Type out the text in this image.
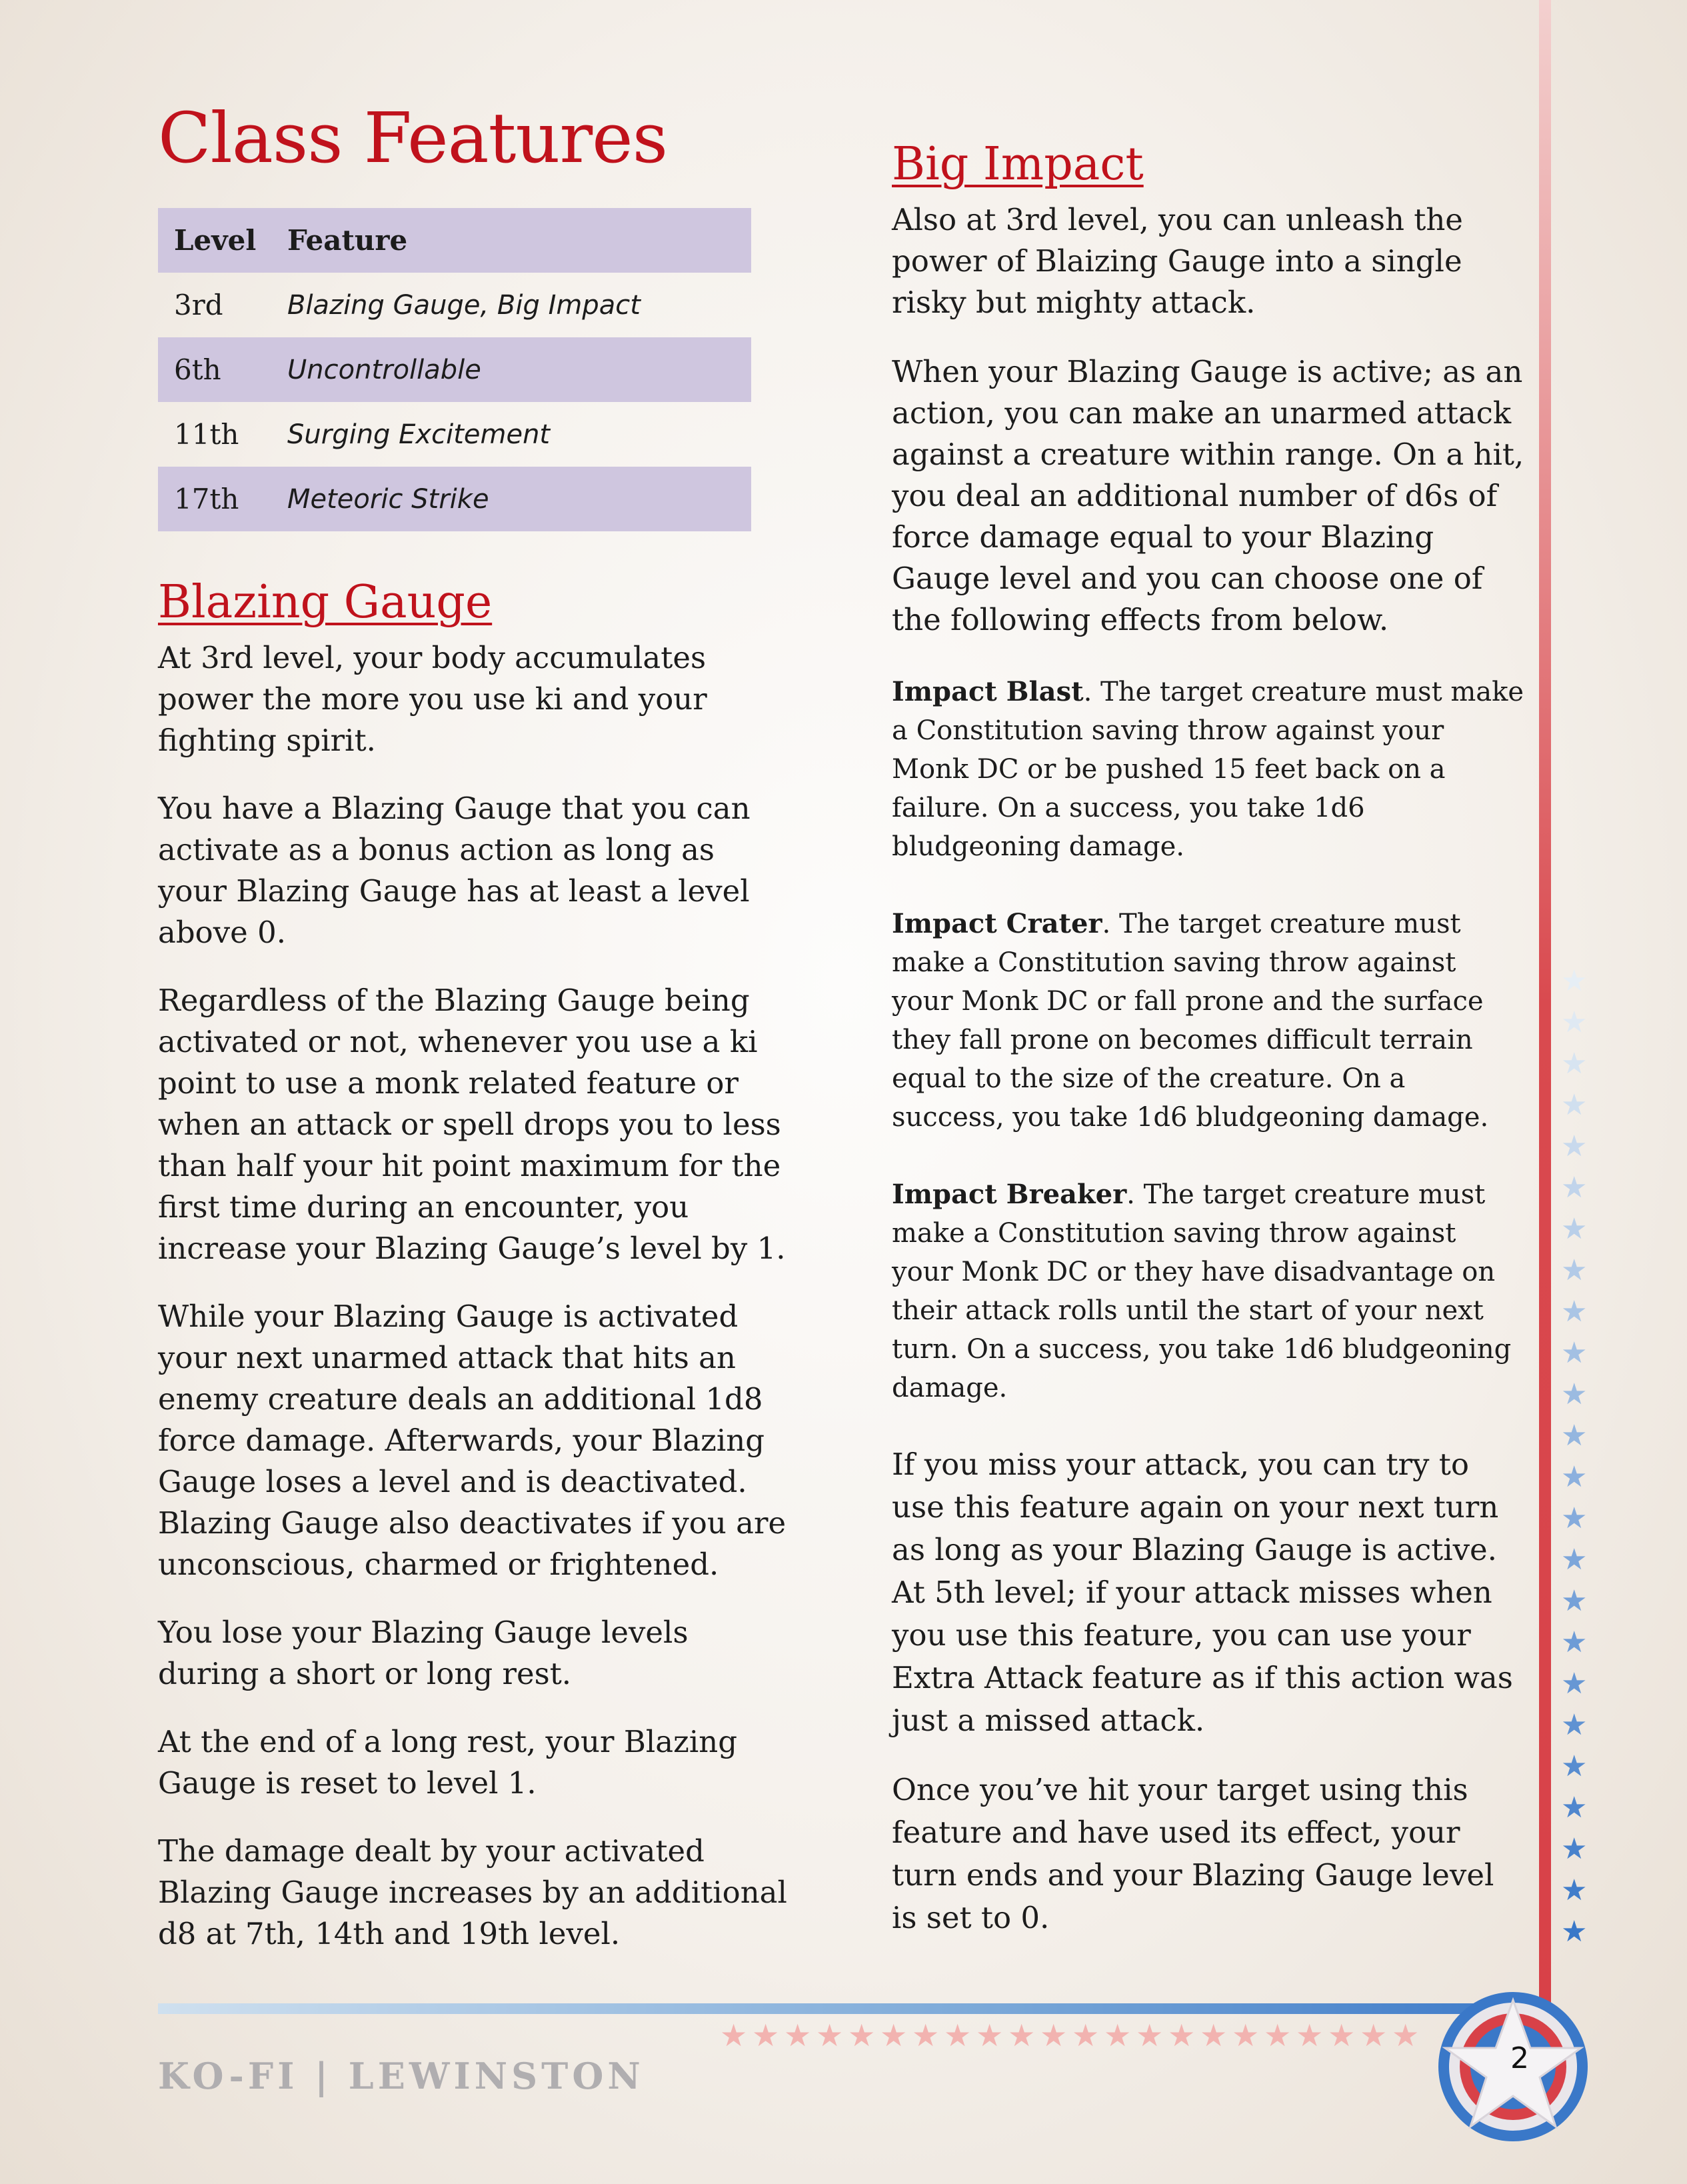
★
★
★
★
★
★
★
★
★
★
★
★
★
★
★
★
★
★
★
★
★
★
★
★
Class Features
Level	Feature
3rd	Blazing Gauge, Big Impact
6th	Uncontrollable
11th	Surging Excitement
17th	Meteoric Strike
Blazing Gauge

At 3rd level, your body accumulates power the more you use ki and your fighting spirit.

You have a Blazing Gauge that you can activate as a bonus action as long as your Blazing Gauge has at least a level above 0.

Regardless of the Blazing Gauge being activated or not, whenever you use a ki point to use a monk related feature or when an attack or spell drops you to less than half your hit point maximum for the first time during an encounter, you increase your Blazing Gauge’s level by 1.

While your Blazing Gauge is activated your next unarmed attack that hits an enemy creature deals an additional 1d8 force damage. Afterwards, your Blazing Gauge loses a level and is deactivated. Blazing Gauge also deactivates if you are unconscious, charmed or frightened.

You lose your Blazing Gauge levels during a short or long rest.

At the end of a long rest, your Blazing Gauge is reset to level 1.

The damage dealt by your activated Blazing Gauge increases by an additional d8 at 7th, 14th and 19th level.

Big Impact

Also at 3rd level, you can unleash the power of Blaizing Gauge into a single risky but mighty attack.

When your Blazing Gauge is active; as an action, you can make an unarmed attack against a creature within range. On a hit, you deal an additional number of d6s of force damage equal to your Blazing Gauge level and you can choose one of the following effects from below.

Impact Blast. The target creature must make a Constitution saving throw against your Monk DC or be pushed 15 feet back on a failure. On a success, you take 1d6 bludgeoning damage.

Impact Crater. The target creature must make a Constitution saving throw against your Monk DC or fall prone and the surface they fall prone on becomes difficult terrain equal to the size of the creature. On a success, you take 1d6 bludgeoning damage.

Impact Breaker. The target creature must make a Constitution saving throw against your Monk DC or they have disadvantage on their attack rolls until the start of your next turn. On a success, you take 1d6 bludgeoning damage.

If you miss your attack, you can try to use this feature again on your next turn as long as your Blazing Gauge is active. At 5th level; if your attack misses when you use this feature, you can use your Extra Attack feature as if this action was just a missed attack.

Once you’ve hit your target using this feature and have used its effect, your turn ends and your Blazing Gauge level is set to 0.

★ ★ ★ ★ ★ ★ ★ ★ ★ ★ ★ ★ ★ ★ ★ ★ ★ ★ ★ ★ ★ ★
KO-FI | LEWINSTON	2
